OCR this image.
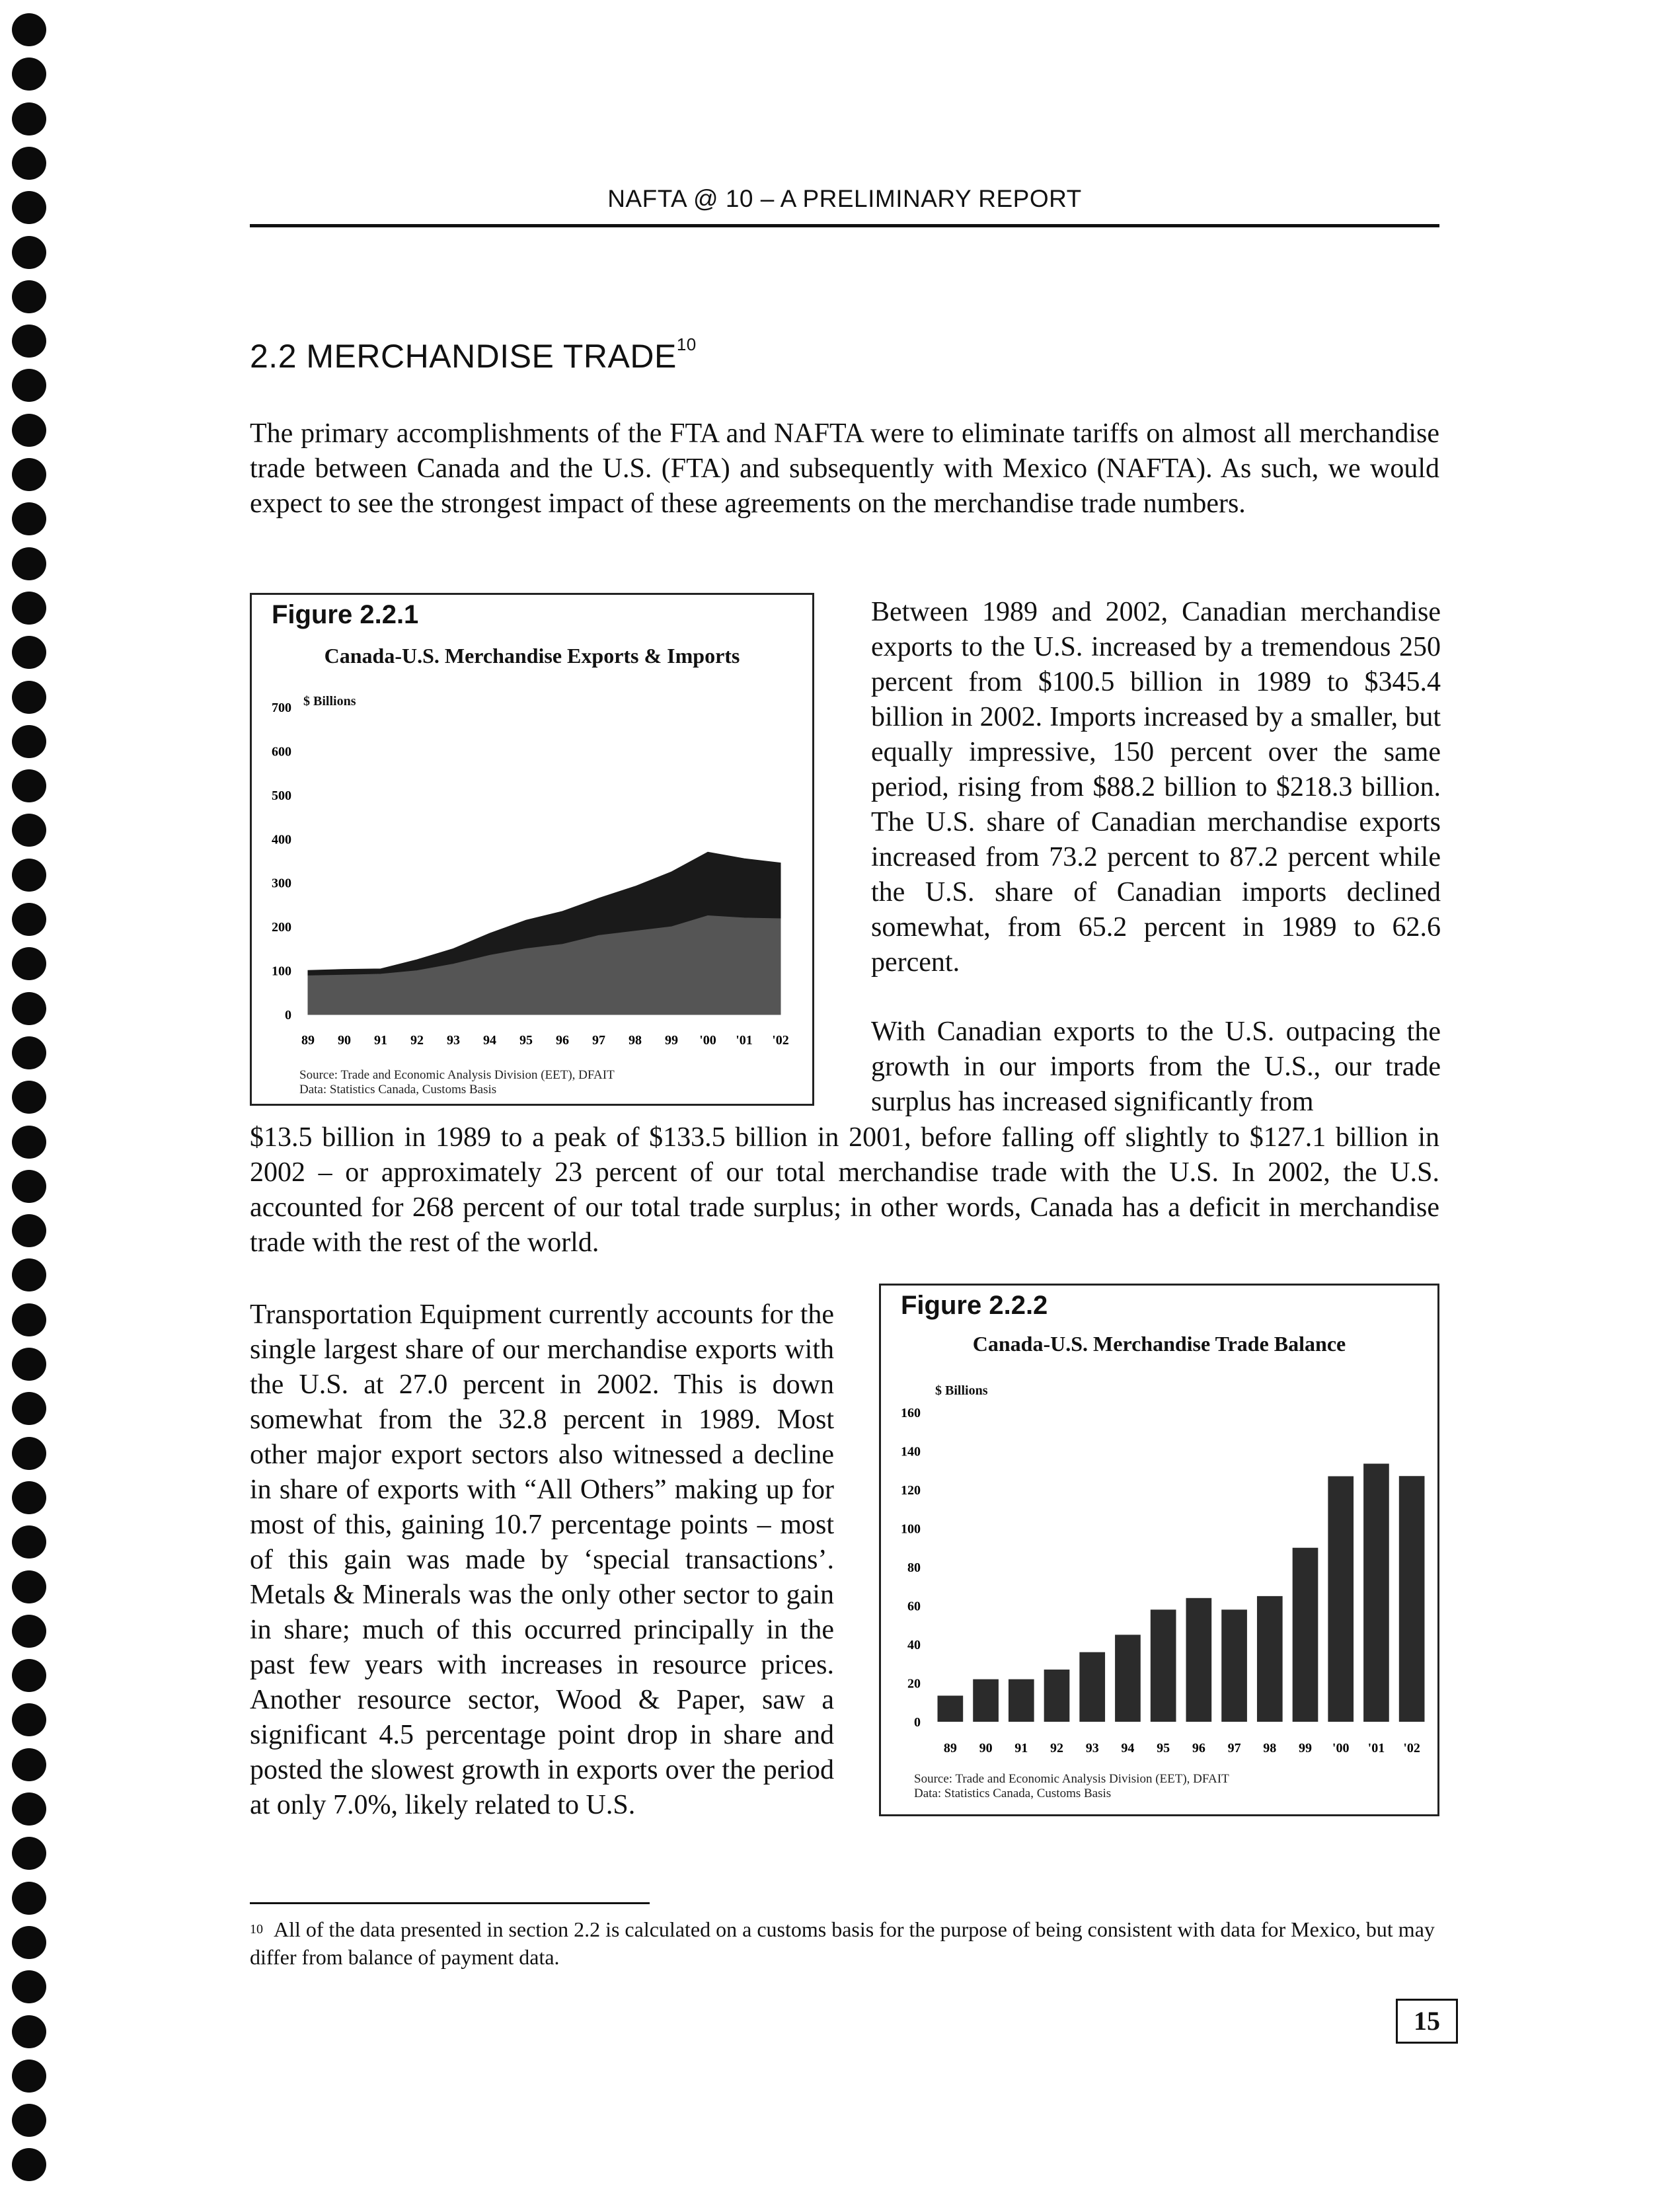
NAFTA @ 10 – A PRELIMINARY REPORT
2.2 MERCHANDISE TRADE$^{10}$
The primary accomplishments of the FTA and NAFTA were to eliminate tariffs on almost all merchandise trade between Canada and the U.S. (FTA) and subsequently with Mexico (NAFTA). As such, we would expect to see the strongest impact of these agreements on the merchandise trade numbers.
Figure 2.2.1
Canada-U.S. Merchandise Exports & Imports
$ Billions
0
100
200
300
400
500
600
700
89 90 91 92 93 94 95 96 97 98 99 '00 '01 '02
Source: Trade and Economic Analysis Division (EET), DFAIT
Data: Statistics Canada, Customs Basis
Between 1989 and 2002, Canadian merchandise exports to the U.S. increased by a tremendous 250 percent from $100.5 billion in 1989 to $345.4 billion in 2002. Imports increased by a smaller, but equally impressive, 150 percent over the same period, rising from $88.2 billion to $218.3 billion. The U.S. share of Canadian merchandise exports increased from 73.2 percent to 87.2 percent while the U.S. share of Canadian imports declined somewhat, from 65.2 percent in 1989 to 62.6 percent.
With Canadian exports to the U.S. outpacing the growth in our imports from the U.S., our trade surplus has increased significantly from
$13.5 billion in 1989 to a peak of $133.5 billion in 2001, before falling off slightly to $127.1 billion in 2002 – or approximately 23 percent of our total merchandise trade with the U.S. In 2002, the U.S. accounted for 268 percent of our total trade surplus; in other words, Canada has a deficit in merchandise trade with the rest of the world.
Transportation Equipment currently accounts for the single largest share of our merchandise exports with the U.S. at 27.0 percent in 2002. This is down somewhat from the 32.8 percent in 1989. Most other major export sectors also witnessed a decline in share of exports with “All Others” making up for most of this, gaining 10.7 percentage points – most of this gain was made by ‘special transactions’. Metals & Minerals was the only other sector to gain in share; much of this occurred principally in the past few years with increases in resource prices. Another resource sector, Wood & Paper, saw a significant 4.5 percentage point drop in share and posted the slowest growth in exports over the period at only 7.0%, likely related to U.S.
Figure 2.2.2
Canada-U.S. Merchandise Trade Balance
$ Billions
0
20
40
60
80
100
120
140
160
89 90 91 92 93 94 95 96 97 98 99 '00 '01 '02
Source: Trade and Economic Analysis Division (EET), DFAIT
Data: Statistics Canada, Customs Basis
$^{10}$ All of the data presented in section 2.2 is calculated on a customs basis for the purpose of being consistent with data for Mexico, but may differ from balance of payment data.
15
